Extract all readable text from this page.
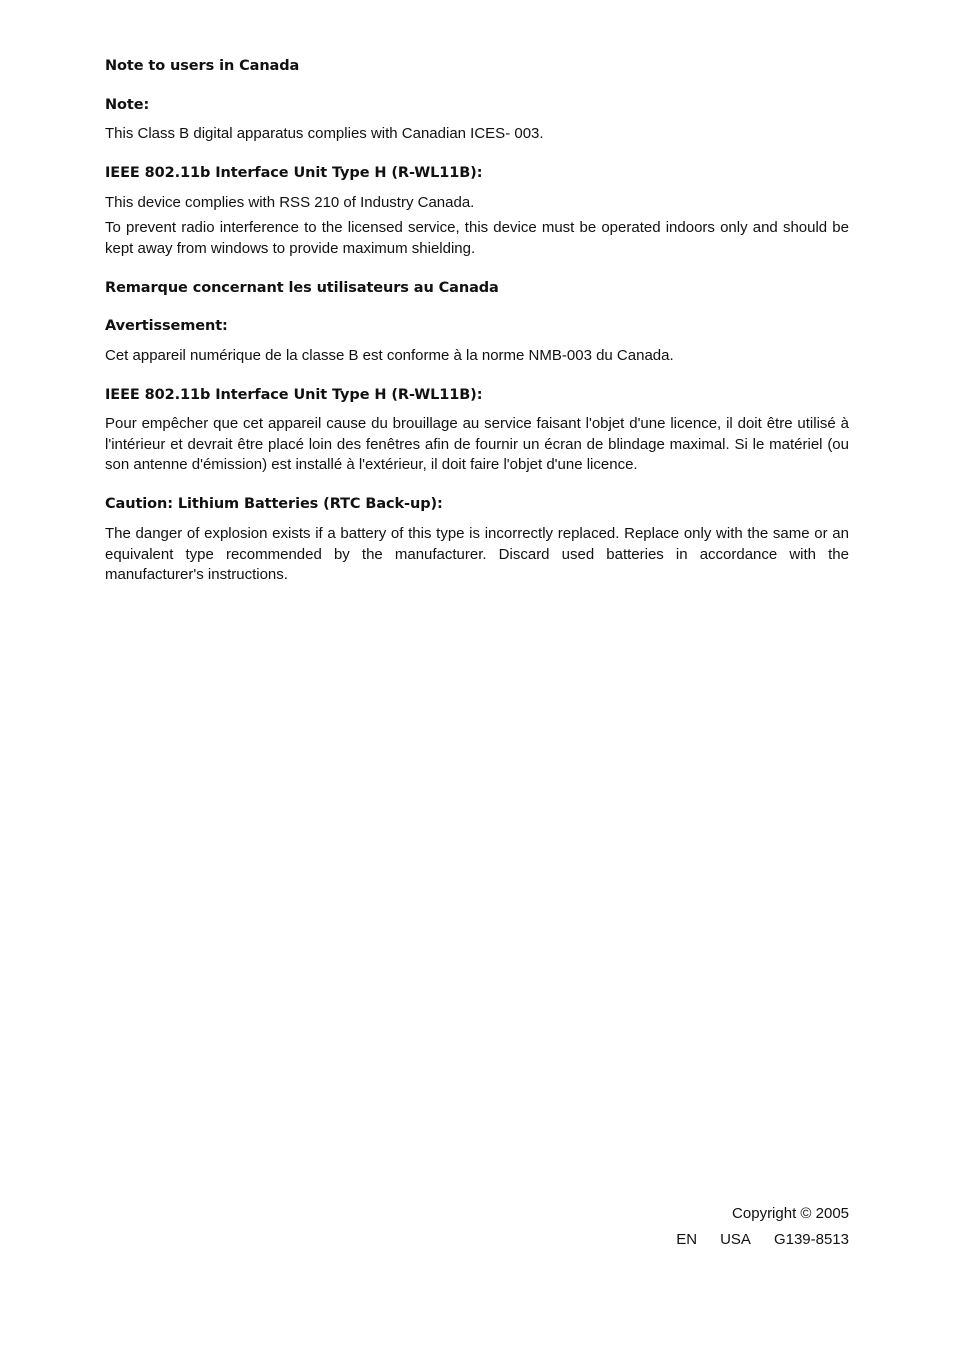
Note to users in Canada

Note:

This Class B digital apparatus complies with Canadian ICES- 003.

IEEE 802.11b Interface Unit Type H (R-WL11B):

This device complies with RSS 210 of Industry Canada.

To prevent radio interference to the licensed service, this device must be operated indoors only and should be kept away from windows to provide maximum shielding.

Remarque concernant les utilisateurs au Canada

Avertissement:

Cet appareil numérique de la classe B est conforme à la norme NMB-003 du Canada.

IEEE 802.11b Interface Unit Type H (R-WL11B):

Pour empêcher que cet appareil cause du brouillage au service faisant l'objet d'une licence, il doit être utilisé à l'intérieur et devrait être placé loin des fenêtres afin de fournir un écran de blindage maximal. Si le matériel (ou son antenne d'émission) est installé à l'extérieur, il doit faire l'objet d'une licence.

Caution: Lithium Batteries (RTC Back-up):

The danger of explosion exists if a battery of this type is incorrectly replaced. Replace only with the same or an equivalent type recommended by the manufacturer. Discard used batteries in accordance with the manufacturer's instructions.

Copyright © 2005
EN USA G139-8513
